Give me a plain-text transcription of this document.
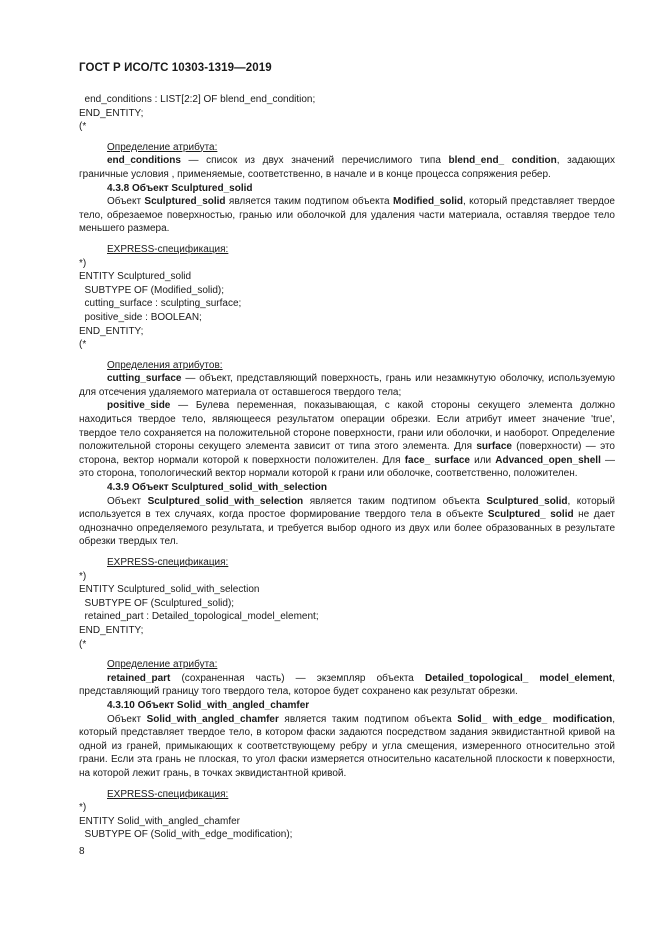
ГОСТ Р ИСО/ТС 10303-1319—2019

end_conditions : LIST[2:2] OF blend_end_condition;

END_ENTITY;

(*

Определение атрибута:

end_conditions — список из двух значений перечислимого типа blend_end_ condition, задающих граничные условия , применяемые, соответственно, в начале и в конце процесса сопряжения ребер.

4.3.8 Объект Sculptured_solid

Объект Sculptured_solid является таким подтипом объекта Modified_solid, который представляет твердое тело, обрезаемое поверхностью, гранью или оболочкой для удаления части материала, оставляя твердое тело меньшего размера.

EXPRESS-спецификация:

*)

ENTITY Sculptured_solid

SUBTYPE OF (Modified_solid);

cutting_surface : sculpting_surface;

positive_side : BOOLEAN;

END_ENTITY;

(*

Определения атрибутов:

cutting_surface — объект, представляющий поверхность, грань или незамкнутую оболочку, используемую для отсечения удаляемого материала от оставшегося твердого тела;

positive_side — Булева переменная, показывающая, с какой стороны секущего элемента должно находиться твердое тело, являющееся результатом операции обрезки. Если атрибут имеет значение 'true', твердое тело сохраняется на положительной стороне поверхности, грани или оболочки, и наоборот. Определение положительной стороны секущего элемента зависит от типа этого элемента. Для surface (поверхности) — это сторона, вектор нормали которой к поверхности положителен. Для face_ surface или Advanced_open_shell — это сторона, топологический вектор нормали которой к грани или оболочке, соответственно, положителен.

4.3.9 Объект Sculptured_solid_with_selection

Объект Sculptured_solid_with_selection является таким подтипом объекта Sculptured_solid, который используется в тех случаях, когда простое формирование твердого тела в объекте Sculptured_ solid не дает однозначно определяемого результата, и требуется выбор одного из двух или более образованных в результате обрезки твердых тел.

EXPRESS-спецификация:

*)

ENTITY Sculptured_solid_with_selection

SUBTYPE OF (Sculptured_solid);

retained_part : Detailed_topological_model_element;

END_ENTITY;

(*

Определение атрибута:

retained_part (сохраненная часть) — экземпляр объекта Detailed_topological_ model_element, представляющий границу того твердого тела, которое будет сохранено как результат обрезки.

4.3.10 Объект Solid_with_angled_chamfer

Объект Solid_with_angled_chamfer является таким подтипом объекта Solid_ with_edge_ modification, который представляет твердое тело, в котором фаски задаются посредством задания эквидистантной кривой на одной из граней, примыкающих к соответствующему ребру и угла смещения, измеренного относительно этой грани. Если эта грань не плоская, то угол фаски измеряется относительно касательной плоскости к поверхности, на которой лежит грань, в точках эквидистантной кривой.

EXPRESS-спецификация:

*)

ENTITY Solid_with_angled_chamfer

SUBTYPE OF (Solid_with_edge_modification);

8
